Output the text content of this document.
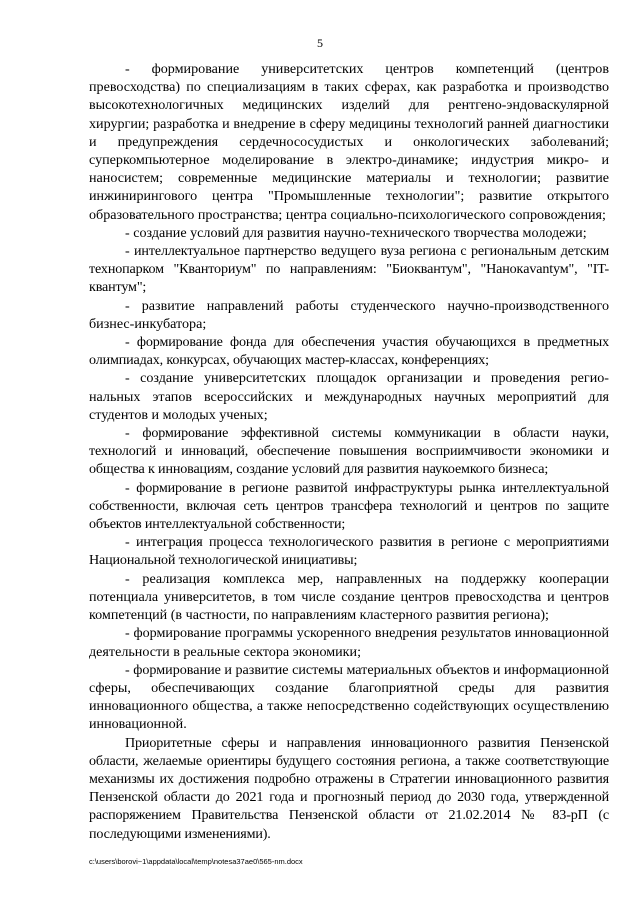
5

- формирование университетских центров компетенций (центров превосходства) по специализациям в таких сферах, как разработка и производство высокотехнологичных медицинских изделий для рентгено-эндоваскулярной хирургии; разработка и внедрение в сферу медицины технологий ранней диагностики и предупреждения сердечнососудистых и онкологических заболеваний; суперкомпьютерное моделирование в электро-динамике; индустрия микро- и наносистем; современные медицинские материалы и технологии; развитие инжинирингового центра "Промышленные технологии"; развитие открытого образовательного пространства; центра социально-психологического сопровождения;

- создание условий для развития научно-технического творчества молодежи;

- интеллектуальное партнерство ведущего вуза региона с региональным детским технопарком "Кванториум" по направлениям: "Биоквантум", "Нанокavantум", "IT-квантум";

- развитие направлений работы студенческого научно-производственного бизнес-инкубатора;

- формирование фонда для обеспечения участия обучающихся в предметных олимпиадах, конкурсах, обучающих мастер-классах, конференциях;

- создание университетских площадок организации и проведения регио-нальных этапов всероссийских и международных научных мероприятий для студентов и молодых ученых;

- формирование эффективной системы коммуникации в области науки, технологий и инноваций, обеспечение повышения восприимчивости экономики и общества к инновациям, создание условий для развития наукоемкого бизнеса;

- формирование в регионе развитой инфраструктуры рынка интеллектуальной собственности, включая сеть центров трансфера технологий и центров по защите объектов интеллектуальной собственности;

- интеграция процесса технологического развития в регионе с мероприятиями Национальной технологической инициативы;

- реализация комплекса мер, направленных на поддержку кооперации потенциала университетов, в том числе создание центров превосходства и центров компетенций (в частности, по направлениям кластерного развития региона);

- формирование программы ускоренного внедрения результатов инновационной деятельности в реальные сектора экономики;

- формирование и развитие системы материальных объектов и информационной сферы, обеспечивающих создание благоприятной среды для развития инновационного общества, а также непосредственно содействующих осуществлению инновационной.

Приоритетные сферы и направления инновационного развития Пензенской области, желаемые ориентиры будущего состояния региона, а также соответствующие механизмы их достижения подробно отражены в Стратегии инновационного развития Пензенской области до 2021 года и прогнозный период до 2030 года, утвержденной распоряжением Правительства Пензенской области от 21.02.2014 № 83-рП (с последующими изменениями).

c:\users\borovi~1\appdata\local\temp\notesa37ae0\565-nm.docx
